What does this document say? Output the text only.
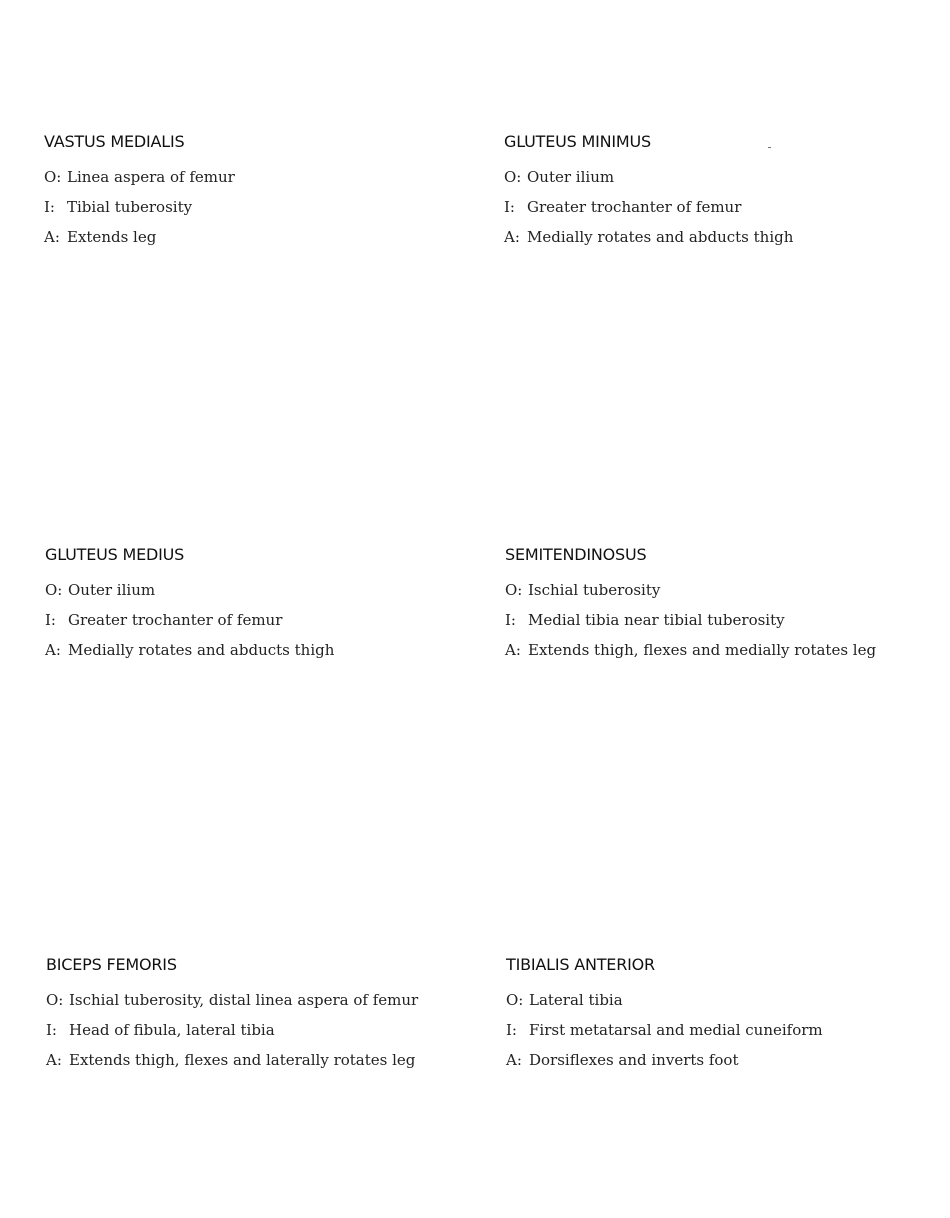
VASTUS MEDIALIS
O: Linea aspera of femur
I: Tibial tuberosity
A: Extends leg
GLUTEUS MINIMUS
O: Outer ilium
I: Greater trochanter of femur
A: Medially rotates and abducts thigh
GLUTEUS MEDIUS
O: Outer ilium
I: Greater trochanter of femur
A: Medially rotates and abducts thigh
SEMITENDINOSUS
O: Ischial tuberosity
I: Medial tibia near tibial tuberosity
A: Extends thigh, flexes and medially rotates leg
BICEPS FEMORIS
O: Ischial tuberosity, distal linea aspera of femur
I: Head of fibula, lateral tibia
A: Extends thigh, flexes and laterally rotates leg
TIBIALIS ANTERIOR
O: Lateral tibia
I: First metatarsal and medial cuneiform
A: Dorsiflexes and inverts foot
